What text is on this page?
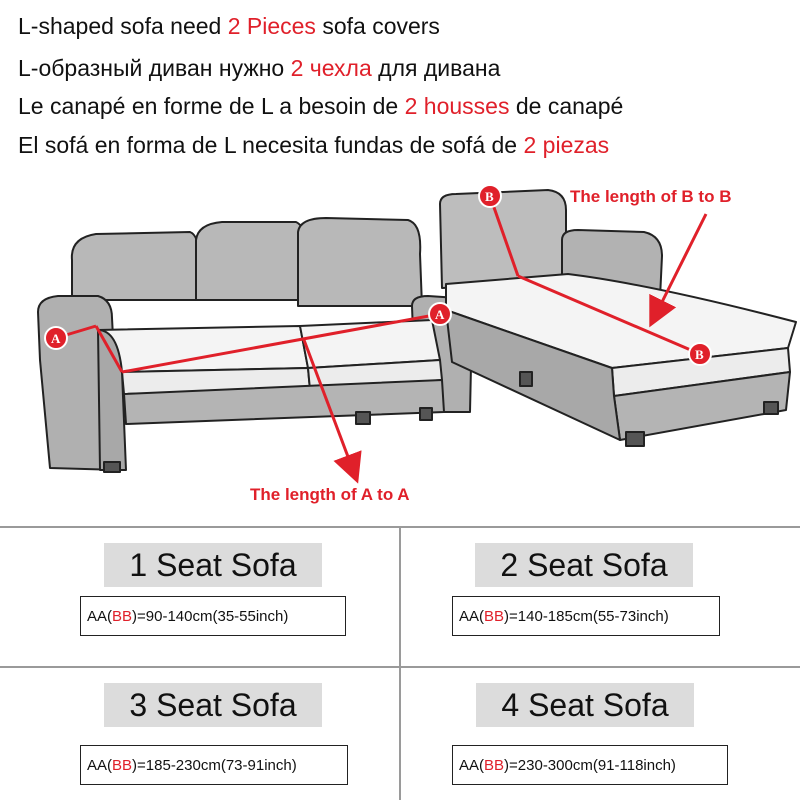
L-shaped sofa need 2 Pieces sofa covers
L-образный диван нужно 2 чехла для дивана
Le canapé en forme de L a besoin de 2 housses de canapé
El sofá en forma de L necesita fundas de sofá de 2 piezas
A
A
The length of A to A
B
B
The length of B to B
1 Seat Sofa
AA(BB)=90-140cm(35-55inch)
2 Seat Sofa
AA(BB)=140-185cm(55-73inch)
3 Seat Sofa
AA(BB)=185-230cm(73-91inch)
4 Seat Sofa
AA(BB)=230-300cm(91-118inch)
